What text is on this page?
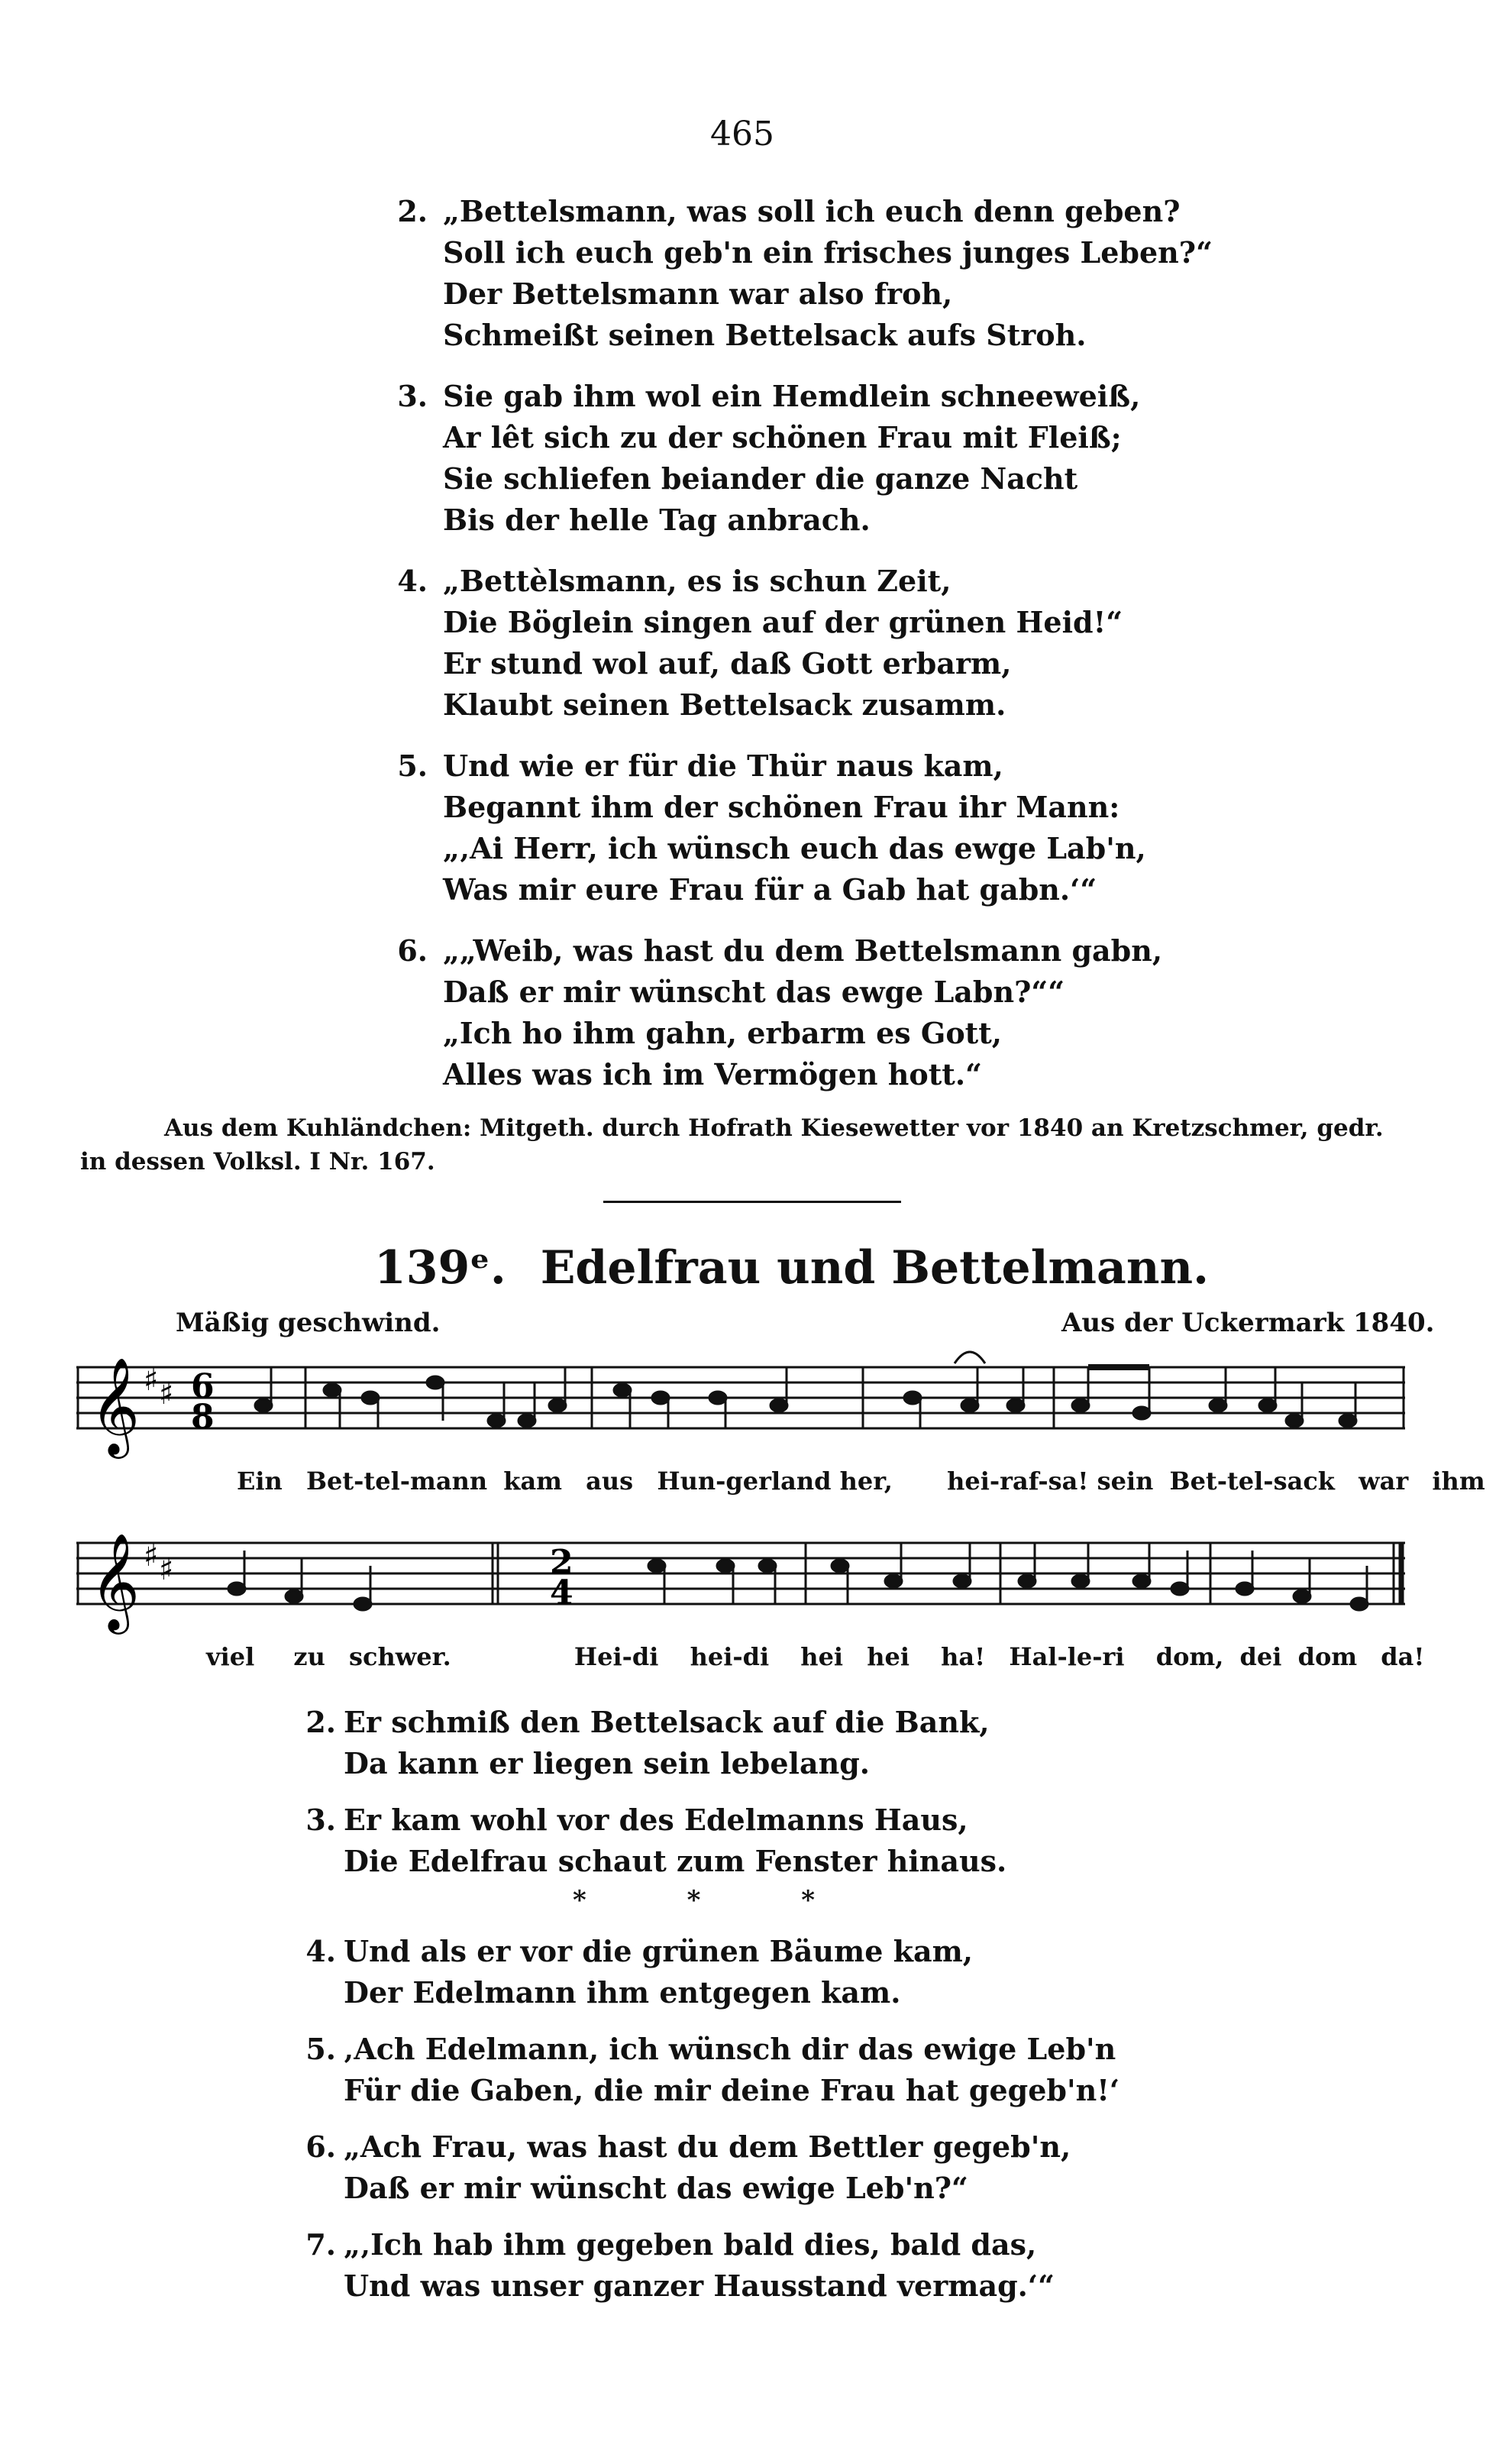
465
2. „Bettelsmann, was soll ich euch denn geben?
Soll ich euch geb'n ein frisches junges Leben?“
Der Bettelsmann war also froh,
Schmeißt seinen Bettelsack aufs Stroh.
3. Sie gab ihm wol ein Hemdlein schneeweiß,
Ar lêt sich zu der schönen Frau mit Fleiß;
Sie schliefen beiander die ganze Nacht
Bis der helle Tag anbrach.
4. „Bettèlsmann, es is schun Zeit,
Die Böglein singen auf der grünen Heid!“
Er stund wol auf, daß Gott erbarm,
Klaubt seinen Bettelsack zusamm.
5. Und wie er für die Thür naus kam,
Begannt ihm der schönen Frau ihr Mann:
„‚Ai Herr, ich wünsch euch das ewge Lab'n,
Was mir eure Frau für a Gab hat gabn.‘“
6. „„Weib, was hast du dem Bettelsmann gabn,
Daß er mir wünscht das ewge Labn?““
„Ich ho ihm gahn, erbarm es Gott,
Alles was ich im Vermögen hott.“
Aus dem Kuhländchen: Mitgeth. durch Hofrath Kiesewetter vor 1840 an Kretzschmer, gedr.
in dessen Volksl. I Nr. 167.
139ᵉ. Edelfrau und Bettelmann.
Mäßig geschwind.	Aus der Uckermark 1840.
𝄞 ♯ ♯ 6
8
Ein Bet-tel-mann kam aus Hun-gerland her, hei-raf-sa! sein Bet-tel-sack war ihm
𝄞 ♯ ♯	2
4
viel zu schwer.	Hei-di hei-di hei hei ha! Hal-le-ri dom, dei dom da!
2. Er schmiß den Bettelsack auf die Bank,
Da kann er liegen sein lebelang.
3. Er kam wohl vor des Edelmanns Haus,
Die Edelfrau schaut zum Fenster hinaus.
* * *
4. Und als er vor die grünen Bäume kam,
Der Edelmann ihm entgegen kam.
5. ‚Ach Edelmann, ich wünsch dir das ewige Leb'n
Für die Gaben, die mir deine Frau hat gegeb'n!‘
6. „Ach Frau, was hast du dem Bettler gegeb'n,
Daß er mir wünscht das ewige Leb'n?“
7. „‚Ich hab ihm gegeben bald dies, bald das,
Und was unser ganzer Hausstand vermag.‘“
